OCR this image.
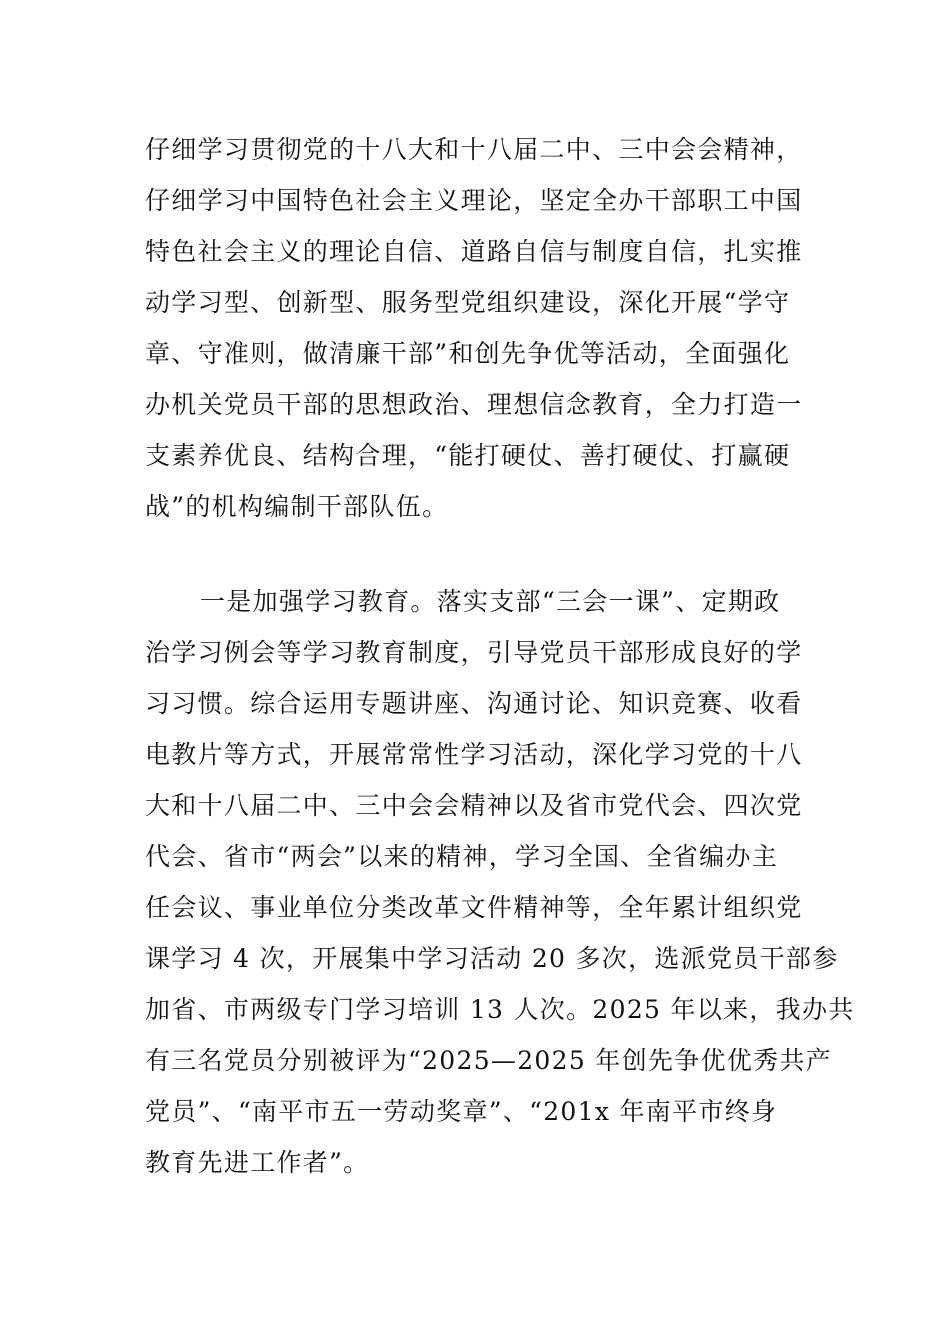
仔细学习贯彻党的十八大和十八届二中、三中会会精神，
仔细学习中国特色社会主义理论，坚定全办干部职工中国
特色社会主义的理论自信、道路自信与制度自信，扎实推
动学习型、创新型、服务型党组织建设，深化开展“学守
章、守准则，做清廉干部”和创先争优等活动，全面强化
办机关党员干部的思想政治、理想信念教育，全力打造一
支素养优良、结构合理，“能打硬仗、善打硬仗、打赢硬
战”的机构编制干部队伍。
一是加强学习教育。落实支部“三会一课”、定期政
治学习例会等学习教育制度，引导党员干部形成良好的学
习习惯。综合运用专题讲座、沟通讨论、知识竞赛、收看
电教片等方式，开展常常性学习活动，深化学习党的十八
大和十八届二中、三中会会精神以及省市党代会、四次党
代会、省市“两会”以来的精神，学习全国、全省编办主
任会议、事业单位分类改革文件精神等，全年累计组织党
课学习 4 次，开展集中学习活动 20 多次，选派党员干部参
加省、市两级专门学习培训 13 人次。2025 年以来，我办共
有三名党员分别被评为“2025—2025 年创先争优优秀共产
党员”、“南平市五一劳动奖章”、“201x 年南平市终身
教育先进工作者”。
